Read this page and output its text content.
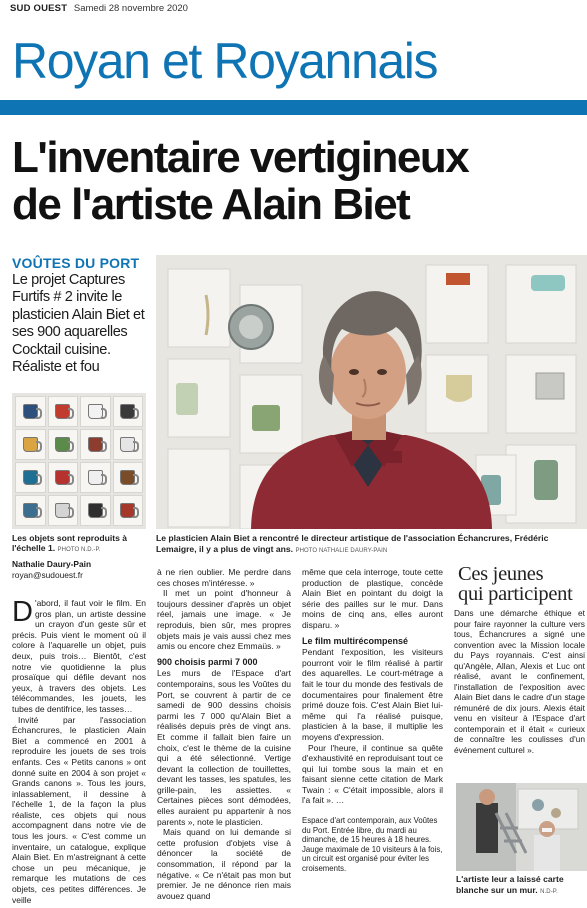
SUD OUEST Samedi 28 novembre 2020
Royan et Royannais
L'inventaire vertigineux
de l'artiste Alain Biet
VOÛTES DU PORT
Le projet Captures Furtifs # 2 invite le plasticien Alain Biet et ses 900 aquarelles Cocktail cuisine. Réaliste et fou
Les objets sont reproduits à l'échelle 1. PHOTO N.D.-P.
Le plasticien Alain Biet a rencontré le directeur artistique de l'association Échancrures, Frédéric Lemaigre, il y a plus de vingt ans. PHOTO NATHALIE DAURY-PAIN
Nathalie Daury-Pain
royan@sudouest.fr

D 'abord, il faut voir le film. En gros plan, un artiste dessine un crayon d'un geste sûr et précis. Puis vient le moment où il colore à l'aquarelle un objet, puis deux, puis trois… Bientôt, c'est notre vie quotidienne la plus prosaïque qui défile devant nos yeux, à travers des objets. Les télécommandes, les jouets, les tubes de dentifrice, les tasses…

Invité par l'association Échancrures, le plasticien Alain Biet a commencé en 2001 à reproduire les jouets de ses trois enfants. Ces « Petits canons » ont donné suite en 2004 à son projet « Grands canons ». Tous les jours, inlassablement, il dessine à l'échelle 1, de la façon la plus réaliste, ces objets qui nous accompagnent dans notre vie de tous les jours. « C'est comme un inventaire, un catalogue, explique Alain Biet. En m'astreignant à cette chose un peu mécanique, je remarque les mutations de ces objets, ces petites différences. Je veille

à ne rien oublier. Me perdre dans ces choses m'intéresse. »

Il met un point d'honneur à toujours dessiner d'après un objet réel, jamais une image. « Je reproduis, bien sûr, mes propres objets mais je vais aussi chez mes amis ou encore chez Emmaüs. »

900 choisis parmi 7 000

Les murs de l'Espace d'art contemporains, sous les Voûtes du Port, se couvrent à partir de ce samedi de 900 dessins choisis parmi les 7 000 qu'Alain Biet a réalisés depuis près de vingt ans. Et comme il fallait bien faire un choix, c'est le thème de la cuisine qui a été sélectionné. Vertige devant la collection de touillettes, devant les tasses, les spatules, les grille-pain, les assiettes. « Certaines pièces sont démodées, elles auraient pu appartenir à nos parents », note le plasticien.

Mais quand on lui demande si cette profusion d'objets vise à dénoncer la société de consommation, il répond par la négative. « Ce n'était pas mon but premier. Je ne dénonce rien mais avouez quand

même que cela interroge, toute cette production de plastique, concède Alain Biet en pointant du doigt la série des pailles sur le mur. Dans moins de cinq ans, elles auront disparu. »

Le film multirécompensé

Pendant l'exposition, les visiteurs pourront voir le film réalisé à partir des aquarelles. Le court-métrage a fait le tour du monde des festivals de documentaires pour finalement être primé douze fois. C'est Alain Biet lui-même qui l'a réalisé puisque, plasticien à la base, il multiplie les moyens d'expression.

Pour l'heure, il continue sa quête d'exhaustivité en reproduisant tout ce qui lui tombe sous la main et en faisant sienne cette citation de Mark Twain : « C'était impossible, alors il l'a fait ». …

Espace d'art contemporain, aux Voûtes du Port. Entrée libre, du mardi au dimanche, de 15 heures à 18 heures. Jauge maximale de 10 visiteurs à la fois, un circuit est organisé pour éviter les croisements.

Ces jeunes
qui participent
Dans une démarche éthique et pour faire rayonner la culture vers tous, Échancrures a signé une convention avec la Mission locale du Pays royannais. C'est ainsi qu'Angèle, Allan, Alexis et Luc ont réalisé, avant le confinement, l'installation de l'exposition avec Alain Biet dans le cadre d'un stage rémunéré de dix jours. Alexis était venu en visiteur à l'Espace d'art contemporain et il était « curieux de connaître les coulisses d'un événement culturel ».
L'artiste leur a laissé carte blanche sur un mur. N.D-P.
